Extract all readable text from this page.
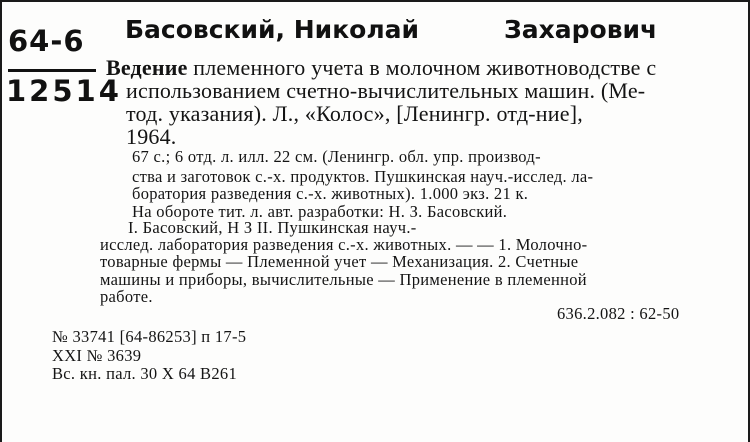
64-6

12514

Басовский, Николай	Захарович

Ведение племенного учета в молочном животноводстве с

использованием счетно-вычислительных машин. (Ме-

тод. указания). Л., «Колос», [Ленингр. отд-ние],

1964.

67 с.; 6 отд. л. илл. 22 см. (Ленингр. обл. упр. производ-

ства и заготовок с.-х. продуктов. Пушкинская науч.-исслед. ла-

боратория разведения с.-х. животных). 1.000 экз. 21 к.

На обороте тит. л. авт. разработки: Н. З. Басовский.

I. Басовский, Н З II. Пушкинская науч.-

исслед. лаборатория разведения с.-х. животных. — — 1. Молочно-

товарные фермы — Племенной учет — Механизация. 2. Счетные

машины и приборы, вычислительные — Применение в племенной

работе.

636.2.082 : 62-50

№ 33741 [64-86253] п 17-5

XXI № 3639

Вс. кн. пал. 30 X 64 B261
